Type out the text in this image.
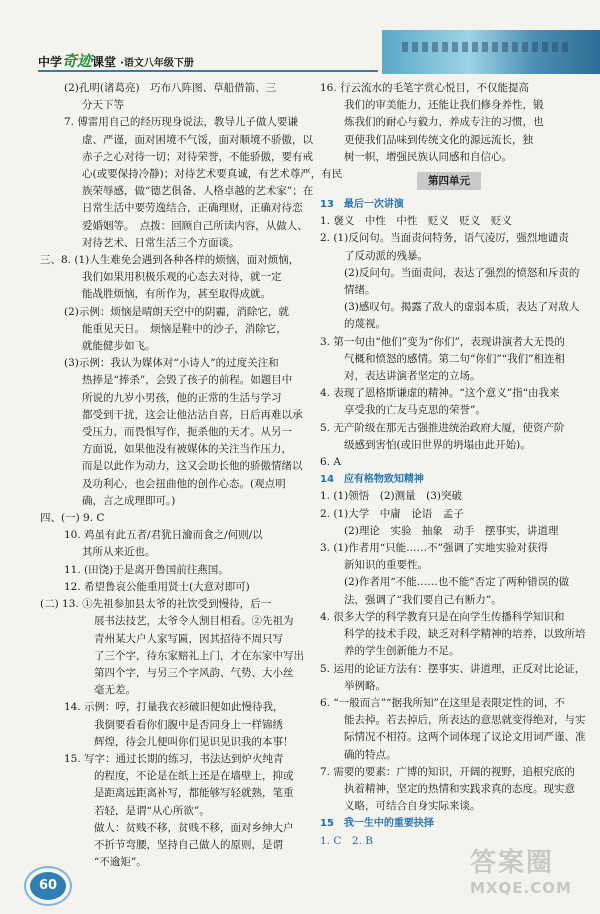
中学奇迹课堂 ·语文八年级下册
(2)孔明(诸葛亮)　巧布八阵图、草船借箭、三
分天下等
7. 傅雷用自己的经历现身说法，教导儿子做人要谦
虚、严谨，面对困境不气馁，面对顺境不骄傲，以
赤子之心对待一切；对待荣誉，不能骄傲，要有戒
心(或要保持冷静)；对待艺术要真诚，有艺术尊严，有民
族荣辱感，做“德艺俱备、人格卓越的艺术家”；在
日常生活中要劳逸结合，正确理财，正确对待恋
爱婚姻等。　点拨：回顾自己所读内容，从做人、
对待艺术、日常生活三个方面谈。
三、8. (1)人生难免会遇到各种各样的烦恼，面对烦恼，
我们如果用积极乐观的心态去对待，就一定
能战胜烦恼，有所作为，甚至取得成就。
(2)示例：烦恼是晴朗天空中的阴霾，消除它，就
能重见天日。　烦恼是鞋中的沙子，消除它，
就能健步如飞。
(3)示例：我认为媒体对“小诗人”的过度关注和
热捧是“捧杀”，会毁了孩子的前程。如题目中
所说的九岁小男孩，他的正常的生活与学习
都受到干扰，这会让他沾沾自喜，日后再难以承
受压力，而畏惧写作，扼杀他的天才。从另一
方面说，如果他没有被媒体的关注当作压力，
而是以此作为动力，这又会助长他的骄傲情绪以
及功利心，也会扭曲他的创作心态。(观点明
确，言之成理即可。)
四、(一) 9. C
10. 鸡虽有此五者/君犹日瀹而食之/何则/以
其所从来近也。
11. (田饶)于是离开鲁国前往燕国。
12. 希望鲁哀公能重用贤士(大意对即可)
(二) 13. ①先祖参加县太爷的社饮受到慢待，后一
展书法技艺，太爷令人割目相看。②先祖为
青州某大户人家写匾，因其招待不周只写
了三个字，待东家赔礼上门，才在东家中写出
第四个字，与另三个字风韵、气势、大小丝
毫无差。
14. 示例：哼，打量我衣衫破旧便如此慢待我，
我倒要看看你们腹中是否同身上一样锦绣
辉煌，待会儿便叫你们见识见识我的本事！
15. 写字：通过长期的练习，书法达到炉火纯青
的程度，不论是在纸上还是在墙壁上，抑或
是距离远距离补写，都能够写轻就熟，笔重
若轻，是谓“从心所欲”。
做人：贫贱不移，贫贱不移，面对乡绅大户
不折节弯腰，坚持自己做人的原则，是谓
“不逾矩”。
16. 行云流水的毛笔字赏心悦目，不仅能提高
我们的审美能力，还能让我们修身养性，锻
炼我们的耐心与毅力，养成专注的习惯，也
更使我们品味到传统文化的源远流长，独
树一帜，增强民族认同感和自信心。
第四单元
13　最后一次讲演
1. 褒义　中性　中性　贬义　贬义　贬义
2. (1)反问句。当面责问特务，语气凌厉，强烈地谴责
了反动派的残暴。
(2)反问句。当面责问，表达了强烈的愤怒和斥责的
情绪。
(3)感叹句。揭露了敌人的虚弱本质，表达了对敌人
的蔑视。
3. 第一句由“他们”变为“你们”，表现讲演者大无畏的
气概和愤怒的感情。第二句“你们”“我们”相连相
对，表达讲演者坚定的立场。
4. 表现了恩格斯谦虚的精神。“这个意义”指“由我来
享受我的亡友马克思的荣誉”。
5. 无产阶级在那无古强推进统治政府大厦，使资产阶
级感到害怕(或旧世界的坍塌由此开始)。
6. A
14　应有格物致知精神
1. (1)领悟　(2)测量　(3)突破
2. (1)大学　中庸　论语　孟子
(2)理论　实验　抽象　动手　摆事实，讲道理
3. (1)作者用“只能……不”强调了实地实验对获得
新知识的重要性。
(2)作者用“不能……也不能”否定了两种错误的做
法，强调了“我们要自己有断力”。
4. 很多大学的科学教育只是在向学生传播科学知识和
科学的技术手段，缺乏对科学精神的培养，以致所培
养的学生创新能力不足。
5. 运用的论证方法有：摆事实、讲道理，正反对比论证，
举例略。
6. “一般而言”“据我所知”在这里是表限定性的词，不
能去掉。若去掉后，所表达的意思就变得绝对，与实
际情况不相符。这两个词体现了议论文用词严谨、准
确的特点。
7. 需要的要素：广博的知识，开阔的视野，追根究底的
执着精神，坚定的热情和实践求真的态度。现实意
义略，可结合自身实际来谈。
15　我一生中的重要抉择
1. C　2. B
60
答案圈
MXQE.COM
